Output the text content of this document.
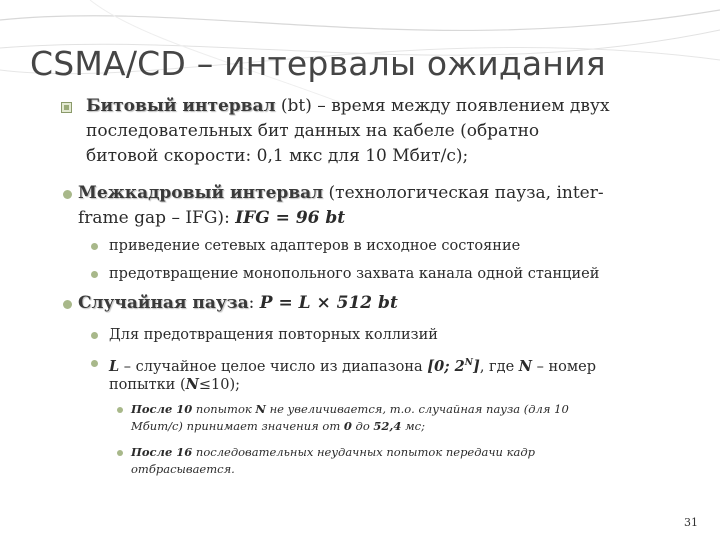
CSMA/CD – интервалы ожидания
Битовый интервал (bt) – время между появлением двух
последовательных бит данных на кабеле (обратно
битовой скорости: 0,1 мкс для 10 Мбит/с);
Межкадровый интервал (технологическая пауза, inter-
frame gap – IFG): IFG = 96 bt
приведение сетевых адаптеров в исходное состояние
предотвращение монопольного захвата канала одной станцией
Случайная пауза: P = L × 512 bt
Для предотвращения повторных коллизий
L – случайное целое число из диапазона [0; $2^N$], где N – номер
попытки (N≤10);
После 10 попыток N не увеличивается, т.о. случайная пауза (для 10
Мбит/с) принимает значения от 0 до 52,4 мс;
После 16 последовательных неудачных попыток передачи кадр
отбрасывается.
31
